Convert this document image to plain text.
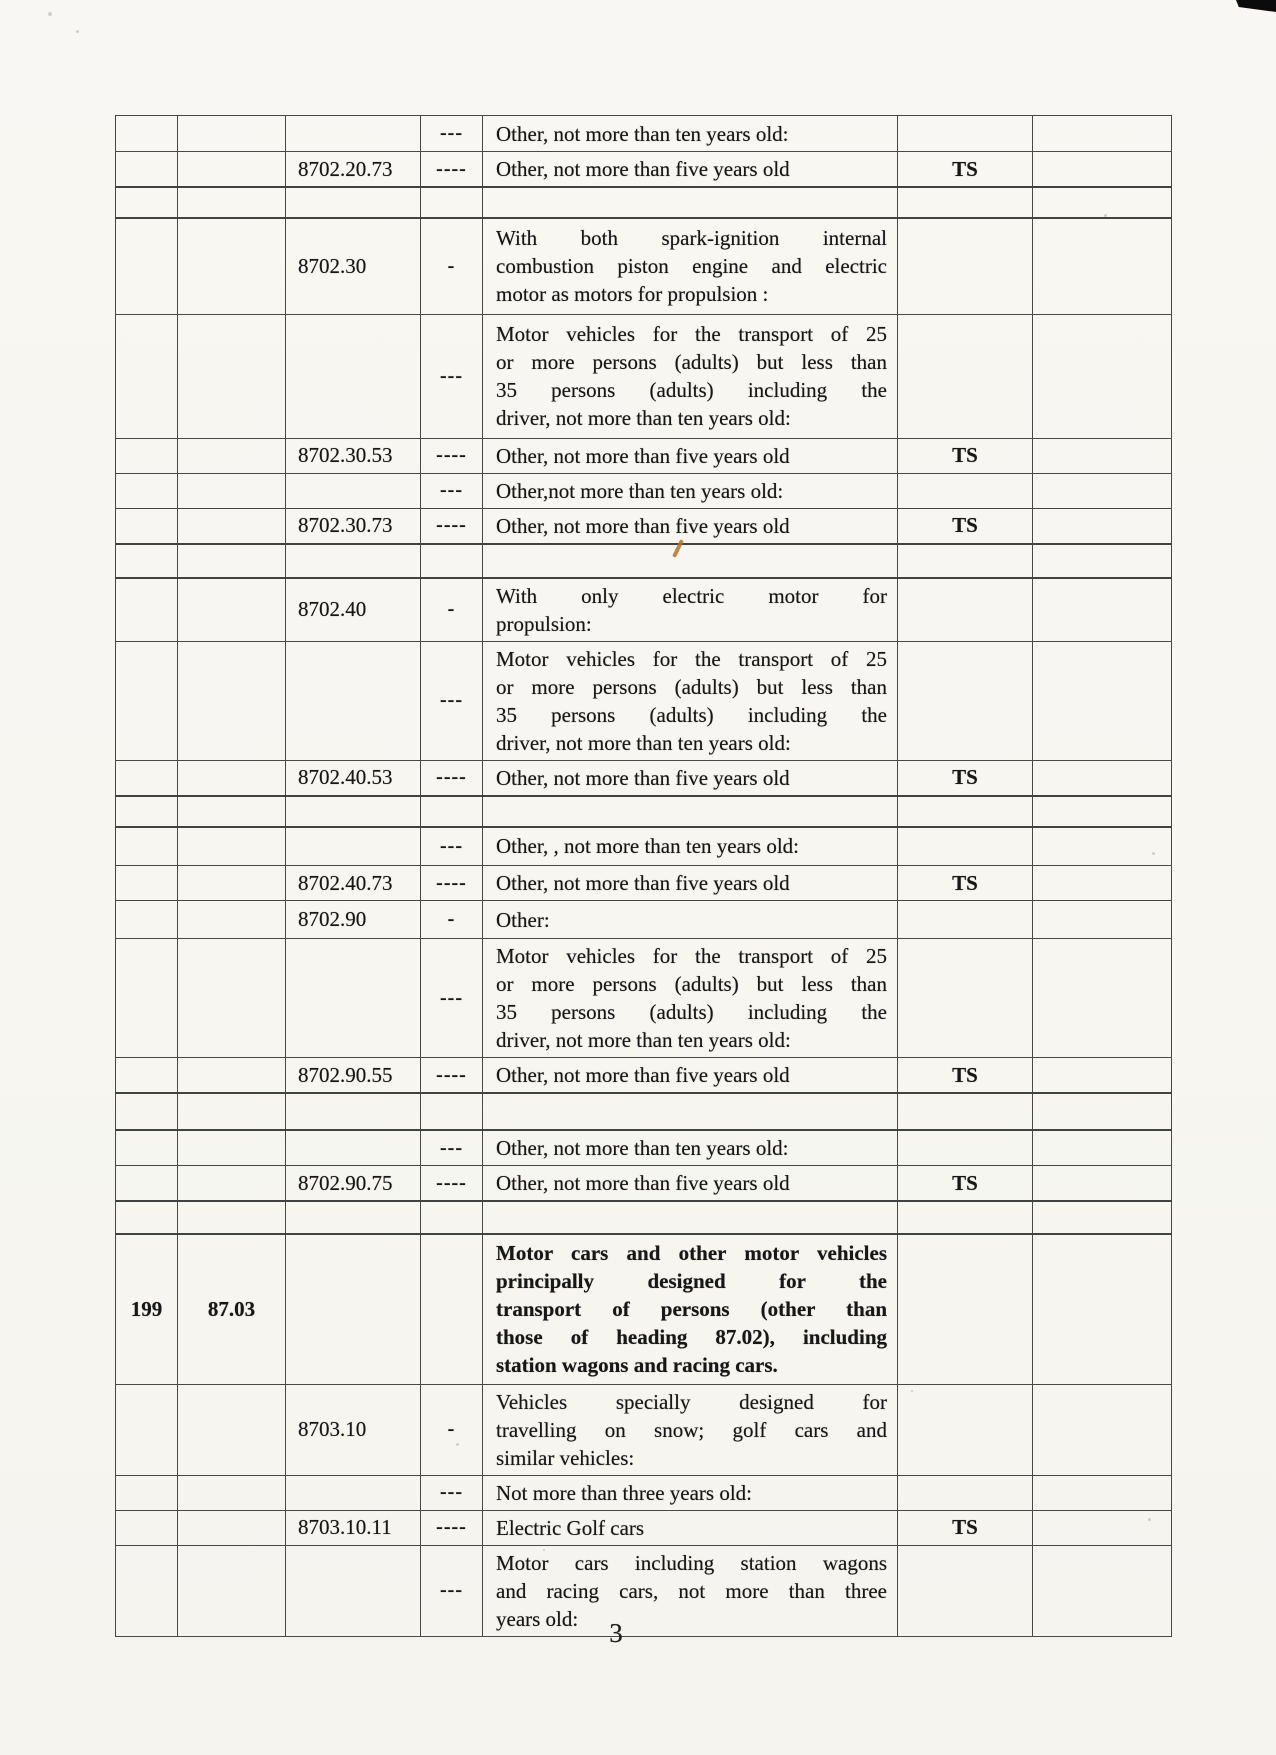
			---	Other, not more than ten years old:		

		8702.20.73	----	Other, not more than five years old	TS	

		8702.30	-	With both spark-ignition internal
combustion piston engine and electric
motor as motors for propulsion :		

			---	Motor vehicles for the transport of 25
or more persons (adults) but less than
35 persons (adults) including the
driver, not more than ten years old:		

		8702.30.53	----	Other, not more than five years old	TS	
			---	Other,not more than ten years old:		

		8702.30.73	----	Other, not more than five years old	TS	

		8702.40	-	With only electric motor for
propulsion:		

			---	Motor vehicles for the transport of 25
or more persons (adults) but less than
35 persons (adults) including the
driver, not more than ten years old:		

		8702.40.53	----	Other, not more than five years old	TS	

			---	Other, , not more than ten years old:		

		8702.40.73	----	Other, not more than five years old	TS	
		8702.90	-	Other:		

			---	Motor vehicles for the transport of 25
or more persons (adults) but less than
35 persons (adults) including the
driver, not more than ten years old:		

		8702.90.55	----	Other, not more than five years old	TS	

			---	Other, not more than ten years old:		

		8702.90.75	----	Other, not more than five years old	TS	

199	87.03			Motor cars and other motor vehicles
principally designed for the
transport of persons (other than
those of heading 87.02), including
station wagons and racing cars.		

		8703.10	-	Vehicles specially designed for
travelling on snow; golf cars and
similar vehicles:		

			---	Not more than three years old:		

		8703.10.11	----	Electric Golf cars	TS	
			---	Motor cars including station wagons
and racing cars, not more than three
years old:		
			3
